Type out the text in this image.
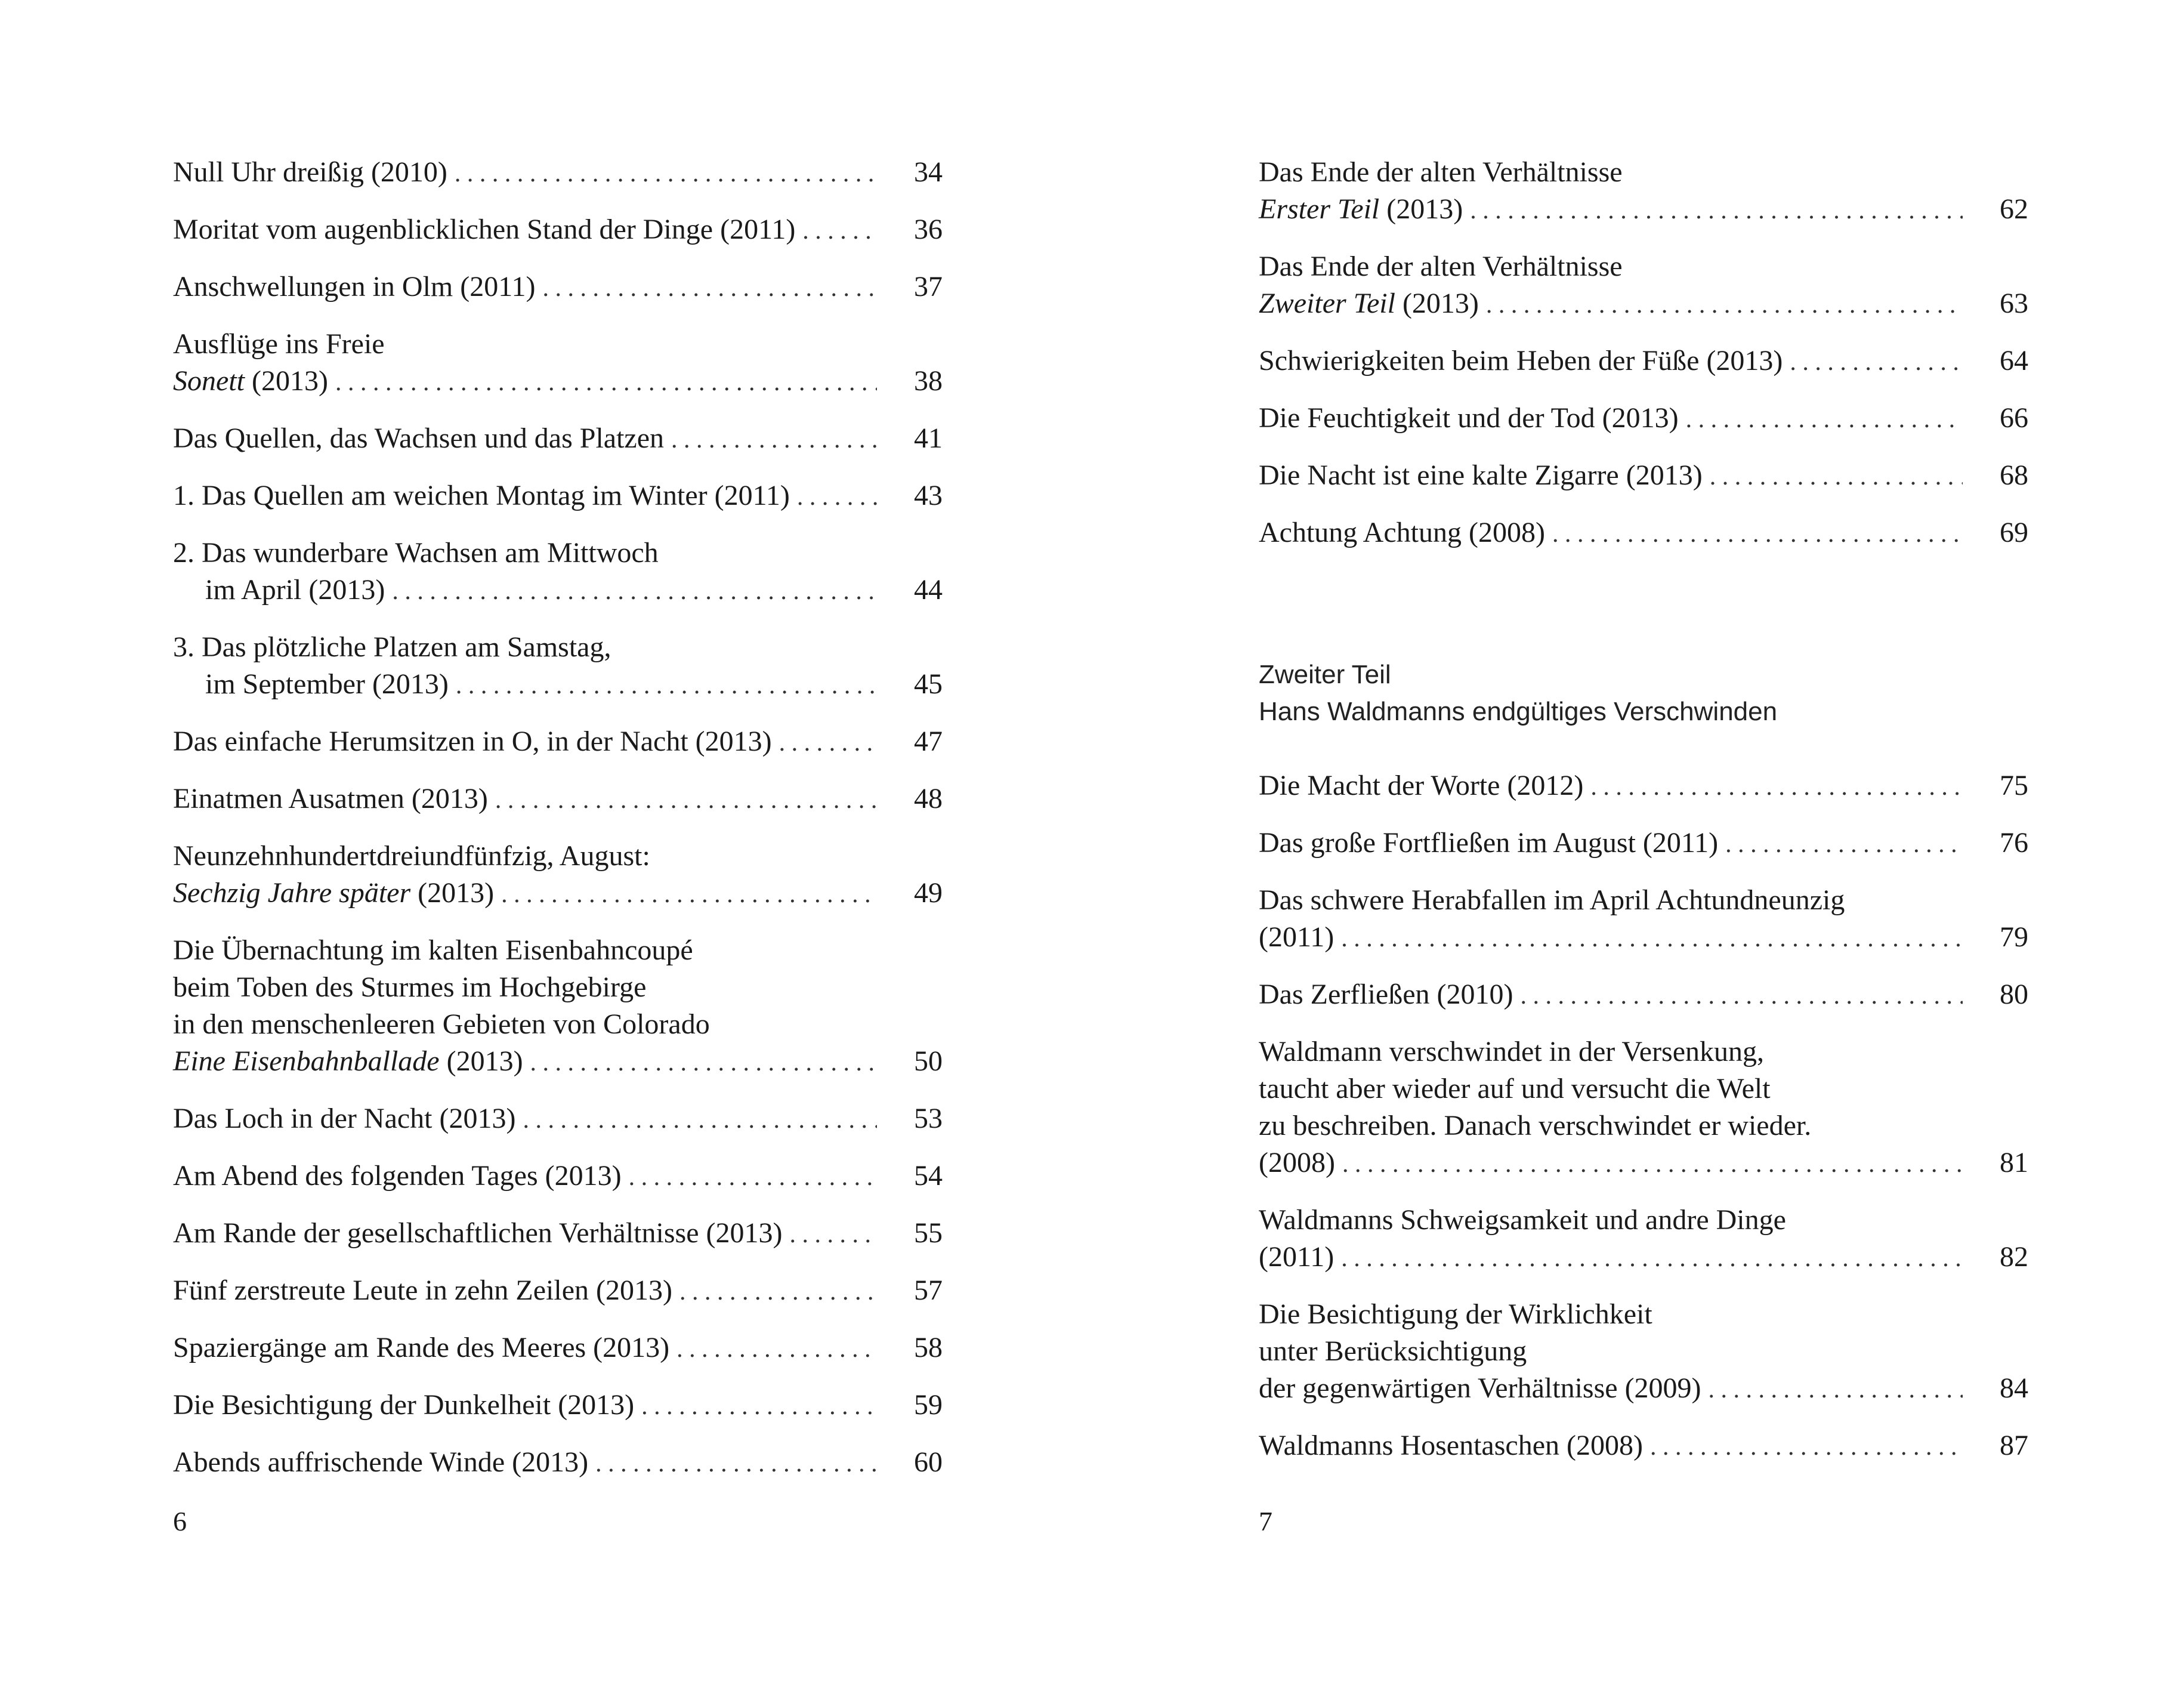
Null Uhr dreißig (2010) . . .	34
Moritat vom augenblicklichen Stand der Dinge (2011) . . .	36
Anschwellungen in Olm (2011) . . .	37
Ausflüge ins Freie
Sonett (2013) . . .	38
Das Quellen, das Wachsen und das Platzen . . .	41
1. Das Quellen am weichen Montag im Winter (2011) . . .	43
2. Das wunderbare Wachsen am Mittwoch
im April (2013) . . .	44
3. Das plötzliche Platzen am Samstag,
im September (2013) . . .	45
Das einfache Herumsitzen in O, in der Nacht (2013) . . .	47
Einatmen Ausatmen (2013) . . .	48
Neunzehnhundertdreiundfünfzig, August:
Sechzig Jahre später (2013) . . .	49
Die Übernachtung im kalten Eisenbahncoupé
beim Toben des Sturmes im Hochgebirge
in den menschenleeren Gebieten von Colorado
Eine Eisenbahnballade (2013) . . .	50
Das Loch in der Nacht (2013) . . .	53
Am Abend des folgenden Tages (2013) . . .	54
Am Rande der gesellschaftlichen Verhältnisse (2013) . . .	55
Fünf zerstreute Leute in zehn Zeilen (2013) . . .	57
Spaziergänge am Rande des Meeres (2013) . . .	58
Die Besichtigung der Dunkelheit (2013) . . .	59
Abends auffrischende Winde (2013) . . .	60
6
Das Ende der alten Verhältnisse
Erster Teil (2013) . . .	62
Das Ende der alten Verhältnisse
Zweiter Teil (2013) . . .	63
Schwierigkeiten beim Heben der Füße (2013) . . .	64
Die Feuchtigkeit und der Tod (2013) . . .	66
Die Nacht ist eine kalte Zigarre (2013) . . .	68
Achtung Achtung (2008) . . .	69
Zweiter Teil
Hans Waldmanns endgültiges Verschwinden
Die Macht der Worte (2012) . . .	75
Das große Fortfließen im August (2011) . . .	76
Das schwere Herabfallen im April Achtundneunzig
(2011) . . .	79
Das Zerfließen (2010) . . .	80
Waldmann verschwindet in der Versenkung,
taucht aber wieder auf und versucht die Welt
zu beschreiben. Danach verschwindet er wieder.
(2008) . . .	81
Waldmanns Schweigsamkeit und andre Dinge
(2011) . . .	82
Die Besichtigung der Wirklichkeit
unter Berücksichtigung
der gegenwärtigen Verhältnisse (2009) . . .	84
Waldmanns Hosentaschen (2008) . . .	87
7
